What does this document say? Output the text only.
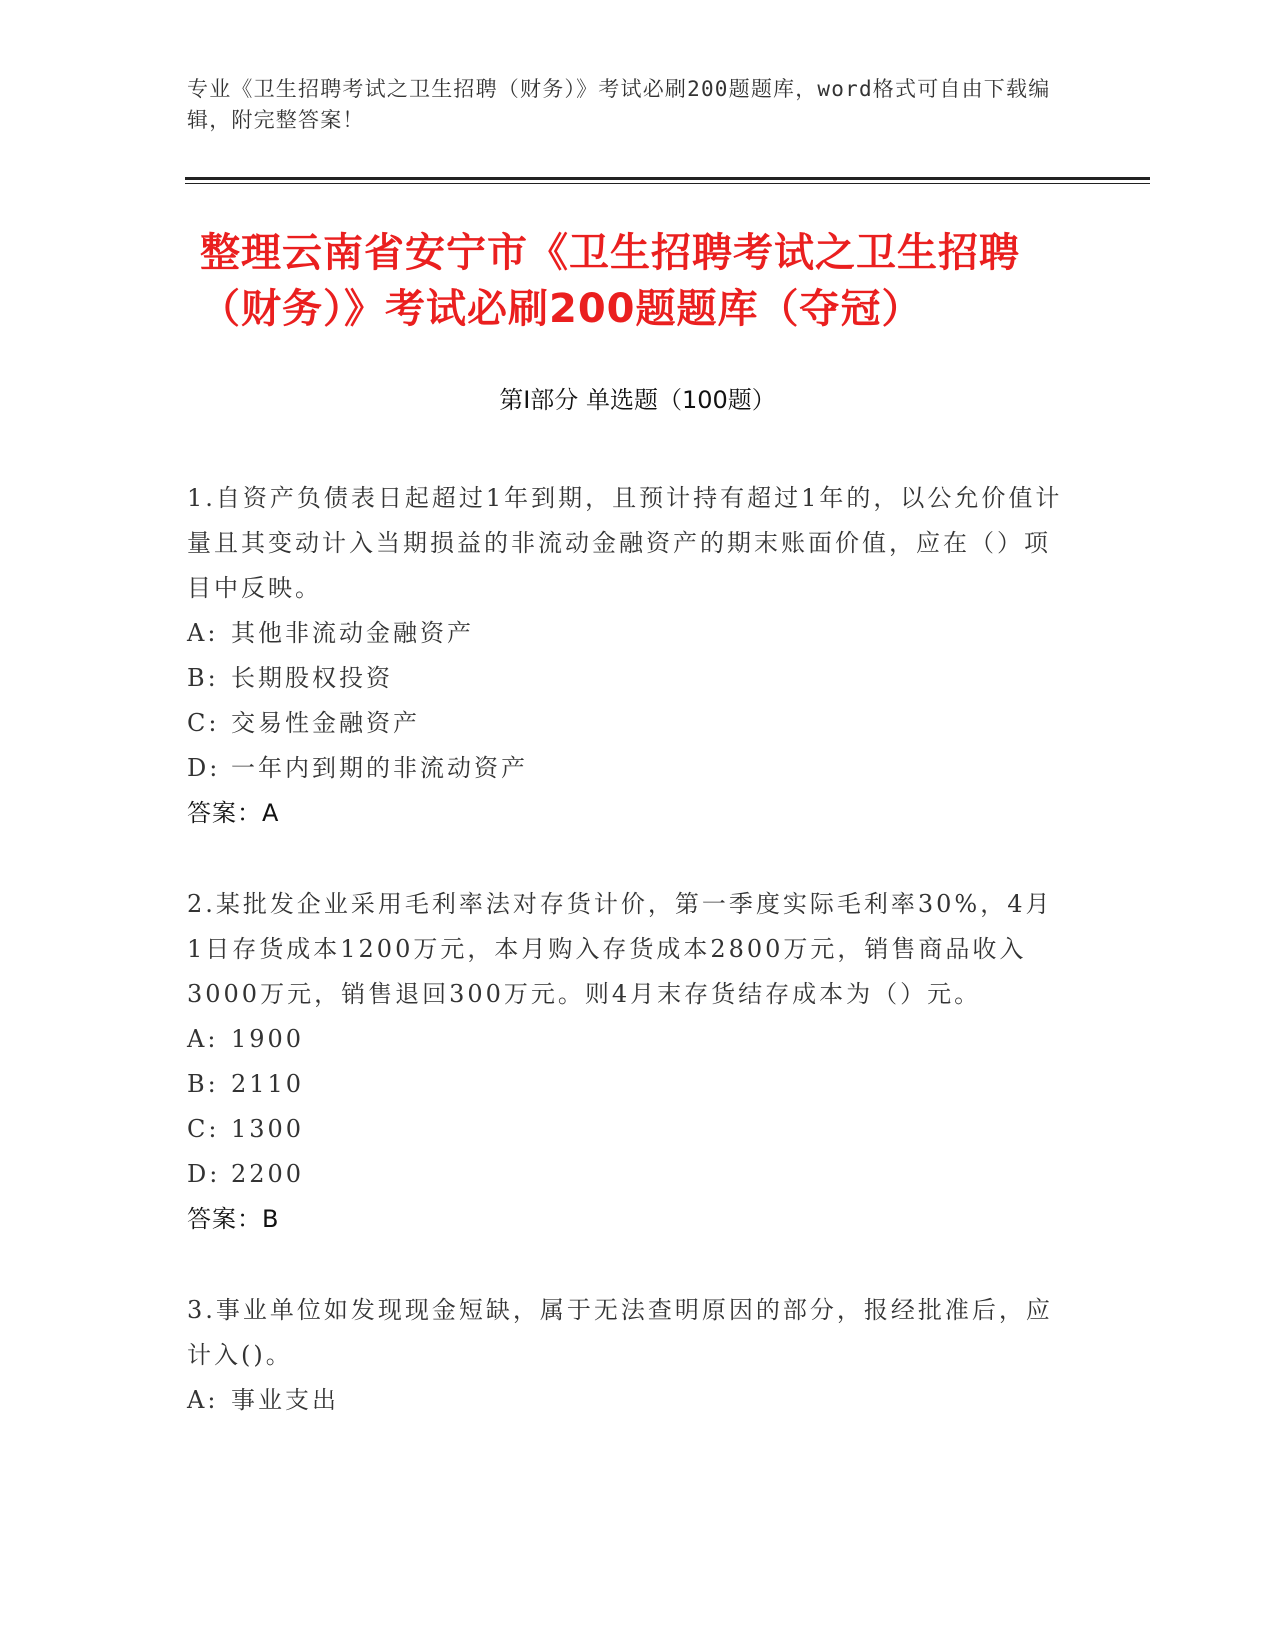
专业《卫生招聘考试之卫生招聘（财务）》考试必刷200题题库，word格式可自由下载编辑，附完整答案！
整理云南省安宁市《卫生招聘考试之卫生招聘（财务）》考试必刷200题题库（夺冠）
第Ⅰ部分 单选题（100题）

1.自资产负债表日起超过1年到期，且预计持有超过1年的，以公允价值计量且其变动计入当期损益的非流动金融资产的期末账面价值，应在（）项目中反映。

A: 其他非流动金融资产
B: 长期股权投资
C: 交易性金融资产
D: 一年内到期的非流动资产
答案：A

2.某批发企业采用毛利率法对存货计价，第一季度实际毛利率30%，4月1日存货成本1200万元，本月购入存货成本2800万元，销售商品收入3000万元，销售退回300万元。则4月末存货结存成本为（）元。

A: 1900
B: 2110
C: 1300
D: 2200
答案：B

3.事业单位如发现现金短缺，属于无法查明原因的部分，报经批准后，应计入()。

A: 事业支出
